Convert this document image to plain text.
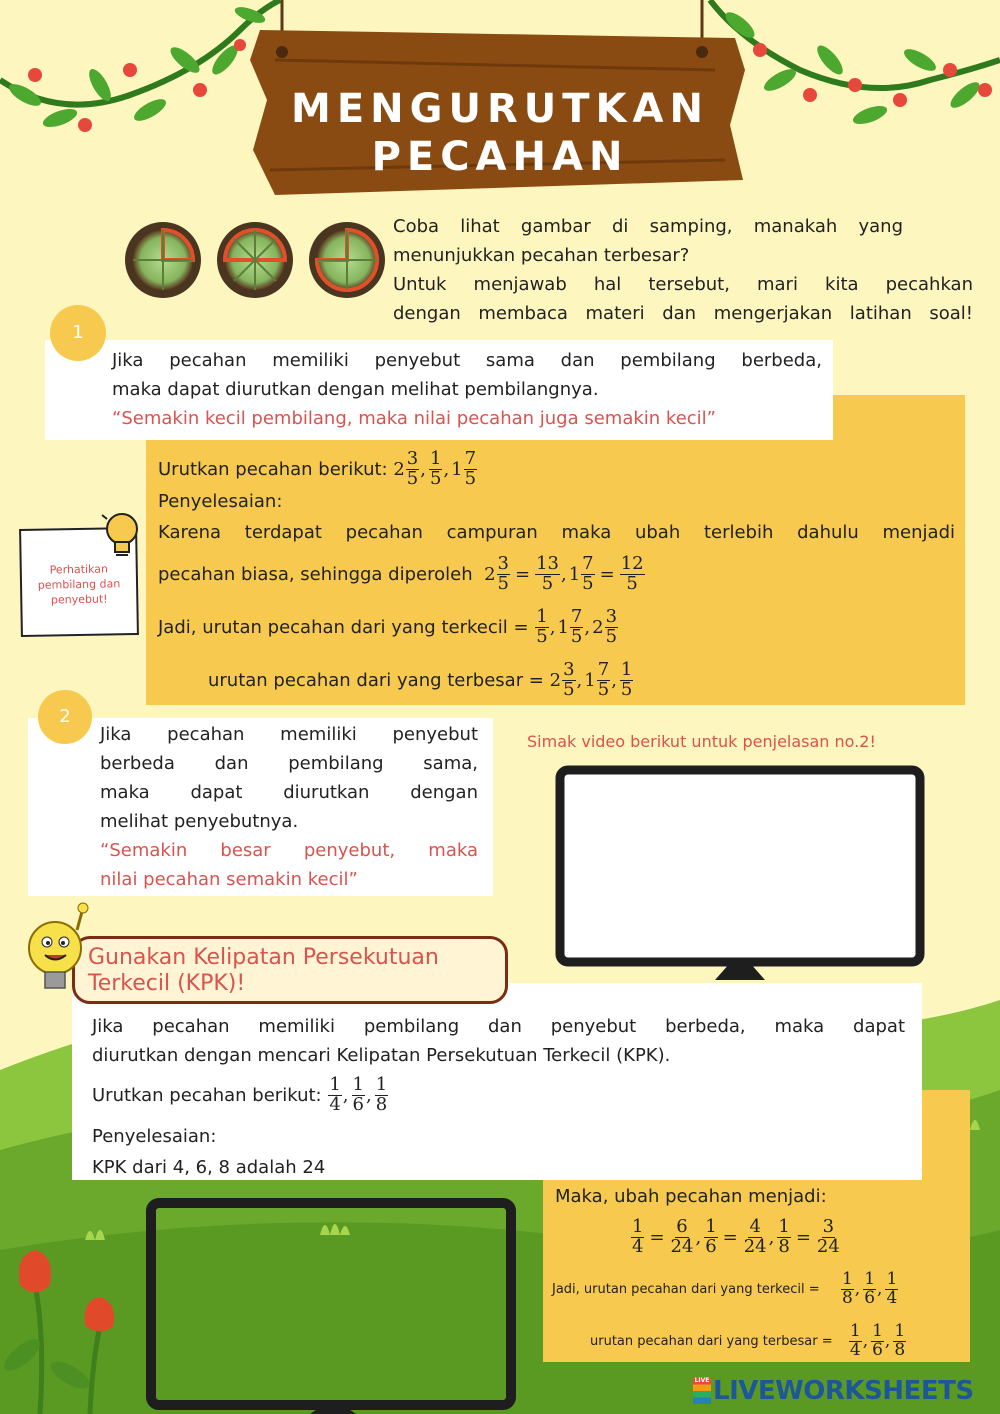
MENGURUTKAN
PECAHAN
Coba lihat gambar di samping, manakah yang
menunjukkan pecahan terbesar?
Untuk menjawab hal tersebut, mari kita pecahkan
dengan membaca materi dan mengerjakan latihan soal!
1
Jika pecahan memiliki penyebut sama dan pembilang berbeda,
maka dapat diurutkan dengan melihat pembilangnya.
“Semakin kecil pembilang, maka nilai pecahan juga semakin kecil”
Perhatikan
pembilang dan
penyebut!
Urutkan pecahan berikut:
2
3
5 ,
1
5 , 1
7
5
Penyelesaian:
Karena terdapat pecahan campuran maka ubah terlebih dahulu menjadi
pecahan biasa, sehingga diperoleh
$2 \frac{3}{5} = \frac{13}{5}$ , $1 \frac{7}{5} = \frac{12}{5}$
Jadi, urutan pecahan dari yang terkecil =
$\frac{1}{5}$ , 1
7
5 , 2
3
5
urutan pecahan dari yang terbesar =
2
3
5 , 1
7
5 ,
1
5
2
Jika pecahan memiliki penyebut
berbeda dan pembilang sama,
maka dapat diurutkan dengan
melihat penyebutnya.
“Semakin besar penyebut, maka
nilai pecahan semakin kecil”
Simak video berikut untuk penjelasan no.2!
Gunakan Kelipatan Persekutuan
Terkecil (KPK)!
Jika pecahan memiliki pembilang dan penyebut berbeda, maka dapat
diurutkan dengan mencari Kelipatan Persekutuan Terkecil (KPK).
Urutkan pecahan berikut:

1
4 ,
1
6 ,
1
8
Penyelesaian:
KPK dari 4, 6, 8 adalah 24
Maka, ubah pecahan menjadi:
$\frac{1}{4} = \frac{6}{24}$ , $\frac{1}{6} = \frac{4}{24}$ , $\frac{1}{8} = \frac{3}{24}$
Jadi, urutan pecahan dari yang terkecil =

1
8 ,
1
6 ,
1
4
urutan pecahan dari yang terbesar =

1
4 ,
1
6 ,
1
8
LIVE LIVEWORKSHEETS
